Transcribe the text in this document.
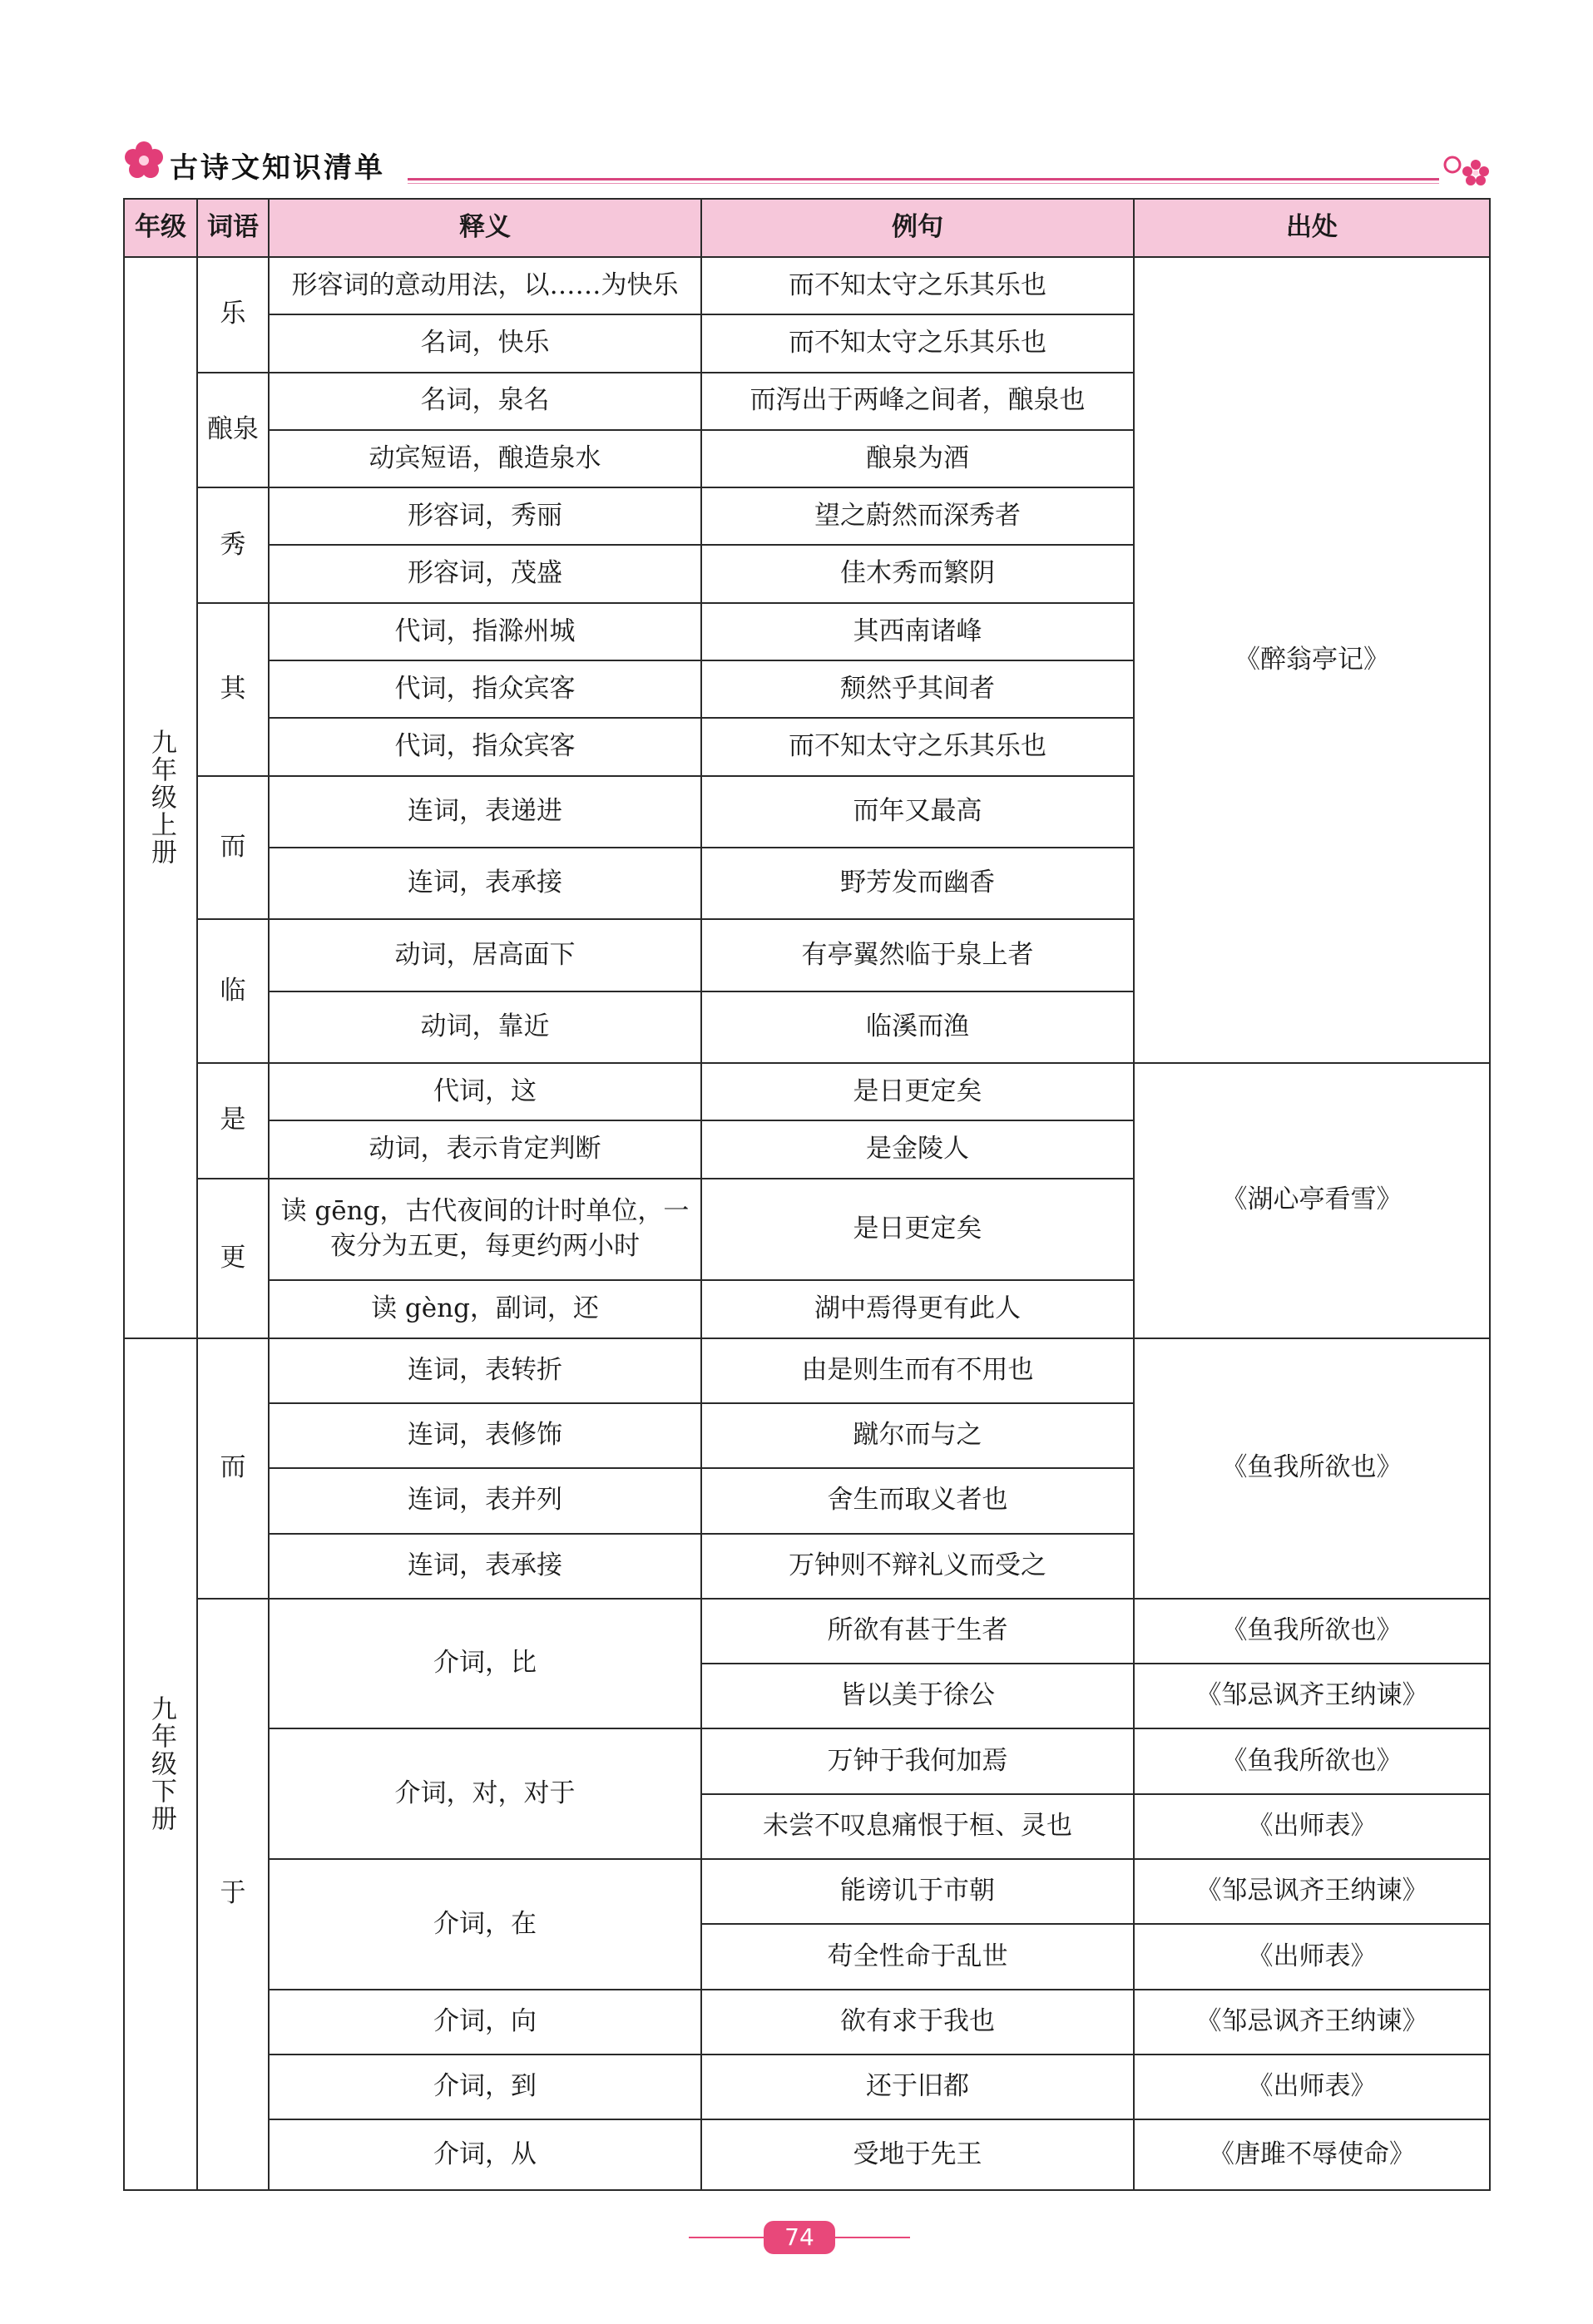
古诗文知识清单
年级	词语	释义	例句	出处
九年级上册	乐	形容词的意动用法，以……为快乐	而不知太守之乐其乐也	《醉翁亭记》
		名词，快乐	而不知太守之乐其乐也	
	酿泉	名词，泉名	而泻出于两峰之间者，酿泉也	
		动宾短语，酿造泉水	酿泉为酒	
	秀	形容词，秀丽	望之蔚然而深秀者	
		形容词，茂盛	佳木秀而繁阴	
	其	代词，指滁州城	其西南诸峰	
		代词，指众宾客	颓然乎其间者	
		代词，指众宾客	而不知太守之乐其乐也	
	而	连词，表递进	而年又最高	
		连词，表承接	野芳发而幽香	
	临	动词，居高面下	有亭翼然临于泉上者	
		动词，靠近	临溪而渔	
	是	代词，这	是日更定矣	《湖心亭看雪》
		动词，表示肯定判断	是金陵人	
	更	读 gēng，古代夜间的计时单位，一夜分为五更，每更约两小时	是日更定矣	
		读 gèng，副词，还	湖中焉得更有此人	
九年级下册	而	连词，表转折	由是则生而有不用也	《鱼我所欲也》
		连词，表修饰	蹴尔而与之	
		连词，表并列	舍生而取义者也	
		连词，表承接	万钟则不辩礼义而受之	
	于	介词，比	所欲有甚于生者	《鱼我所欲也》
			皆以美于徐公	《邹忌讽齐王纳谏》
		介词，对，对于	万钟于我何加焉	《鱼我所欲也》
			未尝不叹息痛恨于桓、灵也	《出师表》
		介词，在	能谤讥于市朝	《邹忌讽齐王纳谏》
			苟全性命于乱世	《出师表》
		介词，向	欲有求于我也	《邹忌讽齐王纳谏》
		介词，到	还于旧都	《出师表》
		介词，从	受地于先王	《唐雎不辱使命》
74
